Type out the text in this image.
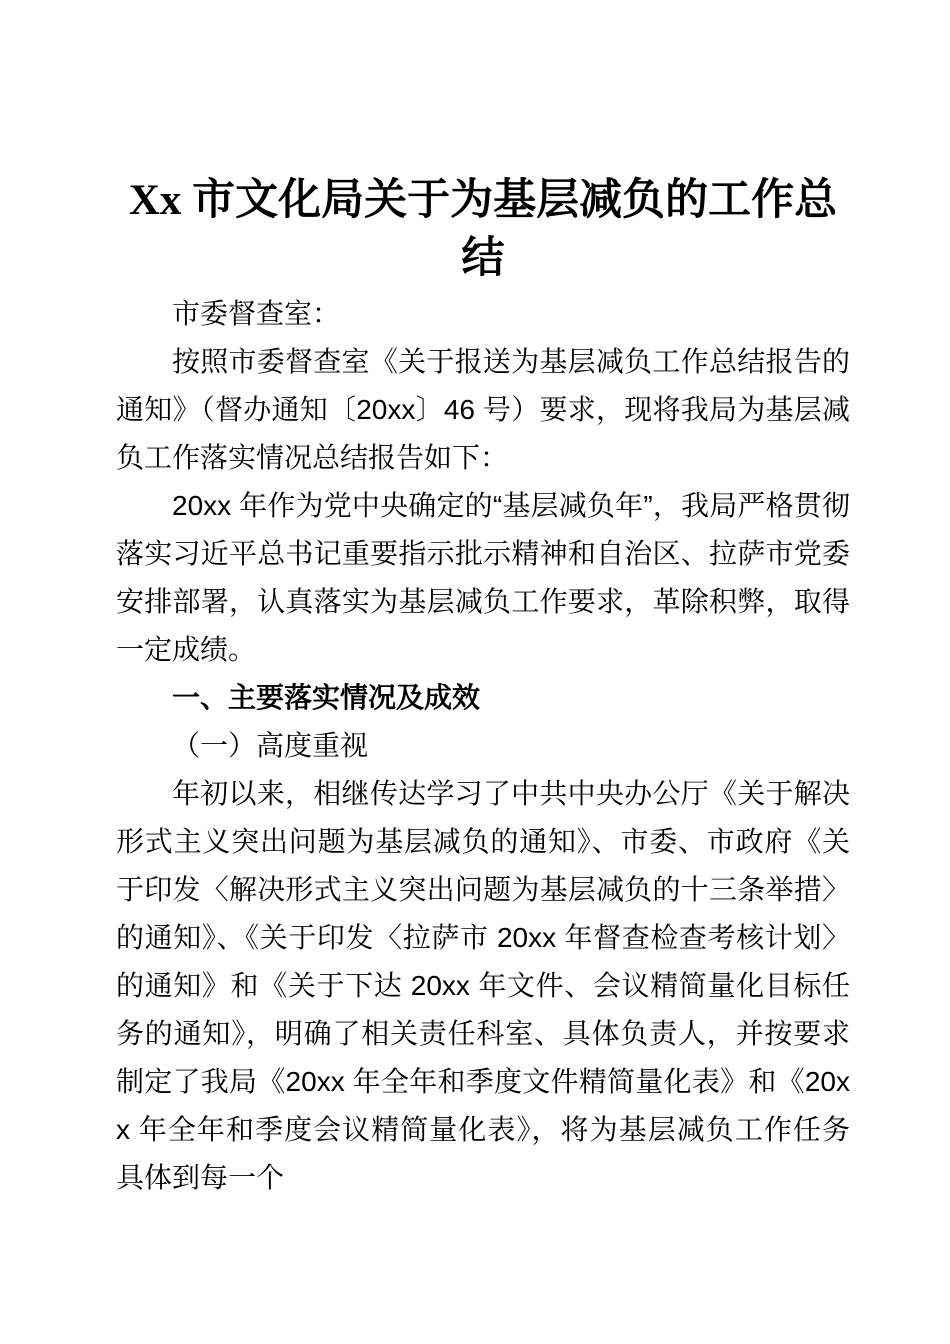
Xx 市文化局关于为基层减负的工作总结

市委督查室：

按照市委督查室《关于报送为基层减负工作总结报告的通知》（督办通知〔20xx〕46 号）要求，现将我局为基层减负工作落实情况总结报告如下：

20xx 年作为党中央确定的“基层减负年”，我局严格贯彻落实习近平总书记重要指示批示精神和自治区、拉萨市党委安排部署，认真落实为基层减负工作要求，革除积弊，取得一定成绩。

一、主要落实情况及成效

（一）高度重视

年初以来，相继传达学习了中共中央办公厅《关于解决形式主义突出问题为基层减负的通知》、市委、市政府《关于印发〈解决形式主义突出问题为基层减负的十三条举措〉的通知》、《关于印发〈拉萨市 20xx 年督查检查考核计划〉的通知》和《关于下达 20xx 年文件、会议精简量化目标任务的通知》，明确了相关责任科室、具体负责人，并按要求制定了我局《20xx 年全年和季度文件精简量化表》和《20xx 年全年和季度会议精简量化表》，将为基层减负工作任务具体到每一个
